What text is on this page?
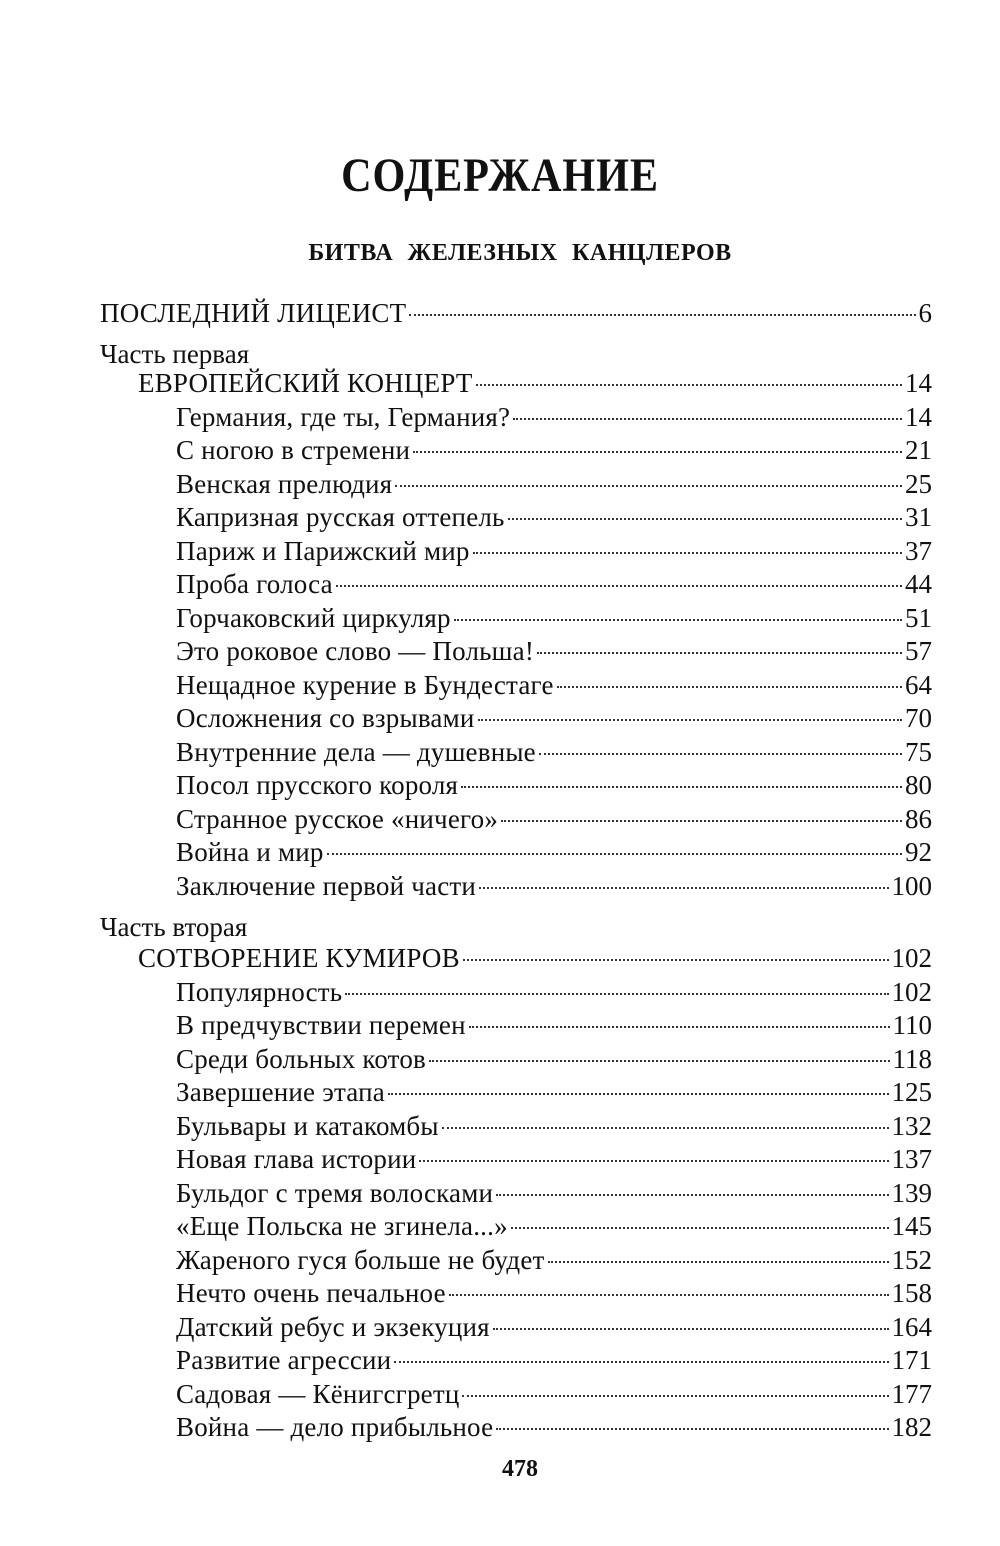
СОДЕРЖАНИЕ
БИТВА ЖЕЛЕЗНЫХ КАНЦЛЕРОВ
ПОСЛЕДНИЙ ЛИЦЕИСТ	6
Часть первая
ЕВРОПЕЙСКИЙ КОНЦЕРТ	14
Германия, где ты, Германия?	14
С ногою в стремени	21
Венская прелюдия	25
Капризная русская оттепель	31
Париж и Парижский мир	37
Проба голоса	44
Горчаковский циркуляр	51
Это роковое слово — Польша!	57
Нещадное курение в Бундестаге	64
Осложнения со взрывами	70
Внутренние дела — душевные	75
Посол прусского короля	80
Странное русское «ничего»	86
Война и мир	92
Заключение первой части	100
Часть вторая
СОТВОРЕНИЕ КУМИРОВ	102
Популярность	102
В предчувствии перемен	110
Среди больных котов	118
Завершение этапа	125
Бульвары и катакомбы	132
Новая глава истории	137
Бульдог с тремя волосками	139
«Еще Польска не згинела...»	145
Жареного гуся больше не будет	152
Нечто очень печальное	158
Датский ребус и экзекуция	164
Развитие агрессии	171
Садовая — Кёнигсгретц	177
Война — дело прибыльное	182
478
